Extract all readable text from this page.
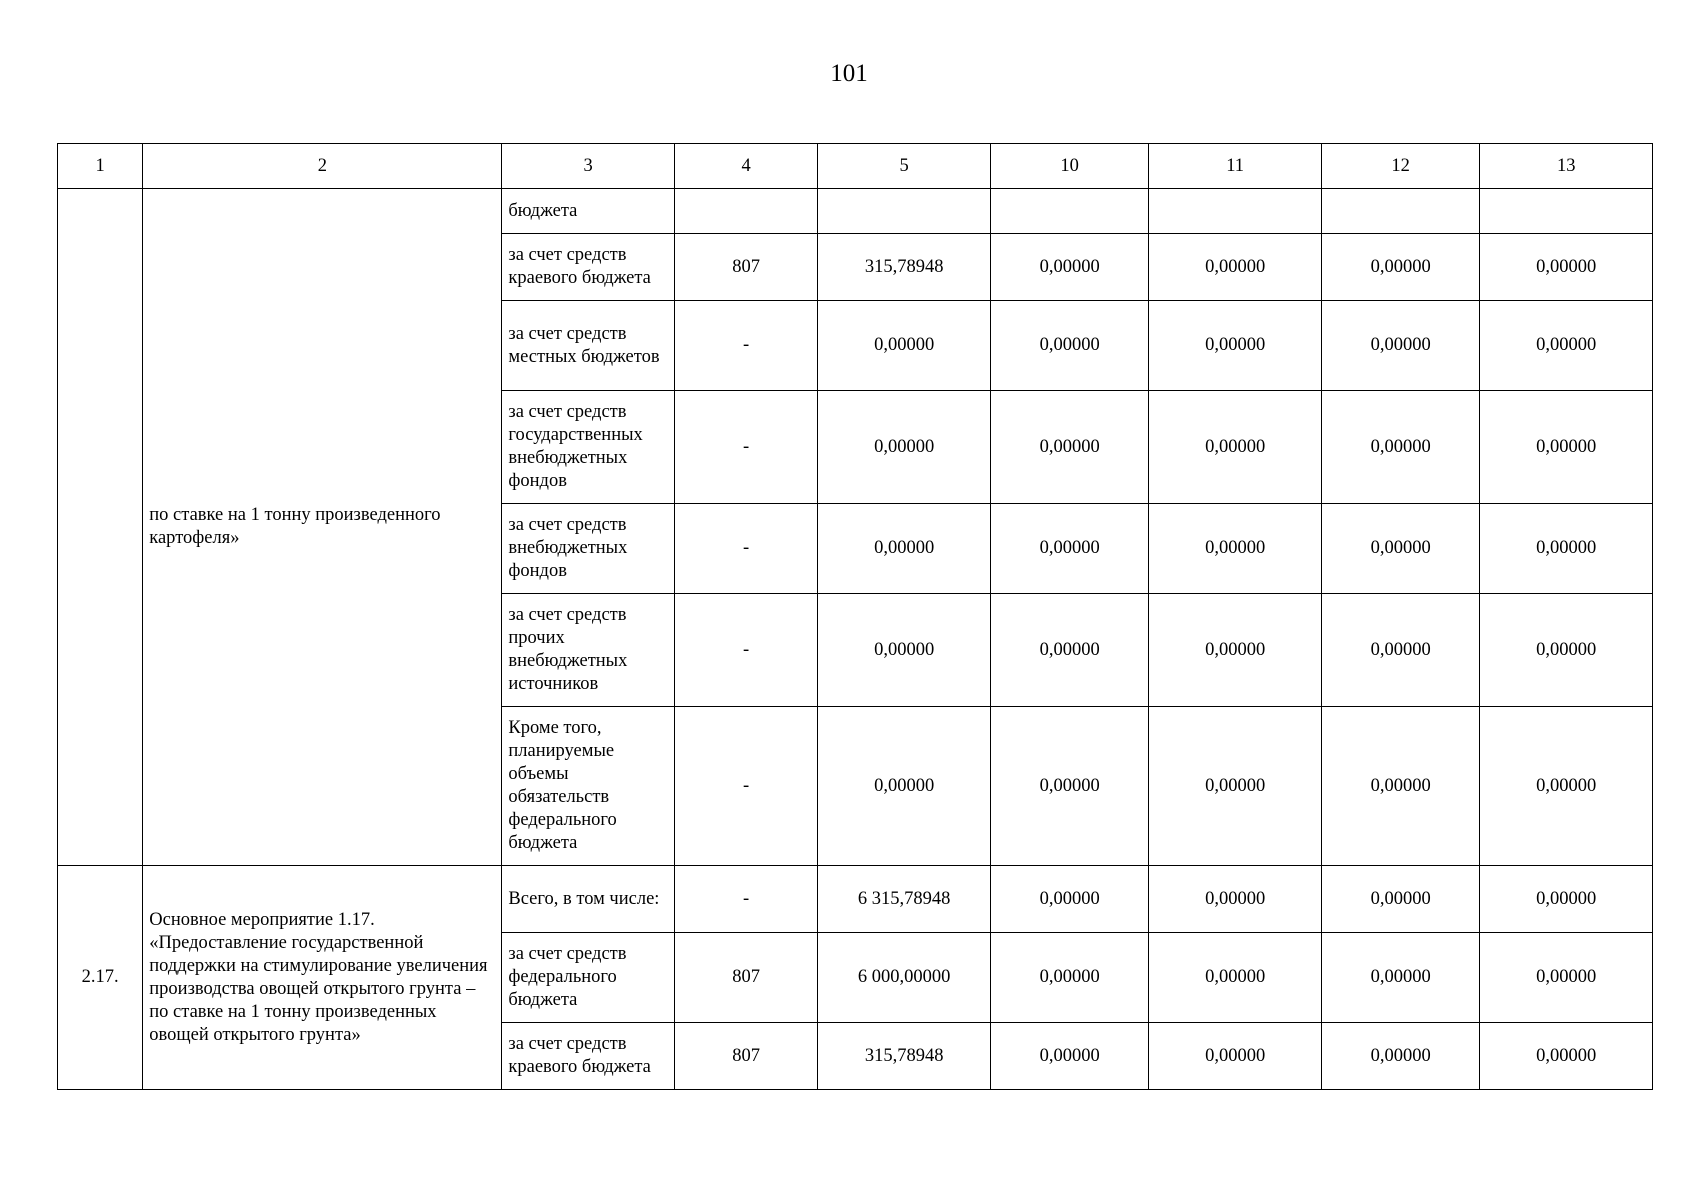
101
1	2	3	4	5	10	11	12	13
	по ставке на 1 тонну произведенного картофеля»	бюджета						
		за счет средств краевого бюджета	807	315,78948	0,00000	0,00000	0,00000	0,00000
		за счет средств местных бюджетов	-	0,00000	0,00000	0,00000	0,00000	0,00000
		за счет средств государственных внебюджетных фондов	-	0,00000	0,00000	0,00000	0,00000	0,00000
		за счет средств внебюджетных фондов	-	0,00000	0,00000	0,00000	0,00000	0,00000
		за счет средств прочих внебюджетных источников	-	0,00000	0,00000	0,00000	0,00000	0,00000
		Кроме того, планируемые объемы обязательств федерального бюджета	-	0,00000	0,00000	0,00000	0,00000	0,00000
2.17.	Основное мероприятие 1.17. «Предоставление государственной поддержки на стимулирование увеличения производства овощей открытого грунта – по ставке на 1 тонну произведенных овощей открытого грунта»	Всего, в том числе:	-	6 315,78948	0,00000	0,00000	0,00000	0,00000
		за счет средств федерального бюджета	807	6 000,00000	0,00000	0,00000	0,00000	0,00000
		за счет средств краевого бюджета	807	315,78948	0,00000	0,00000	0,00000	0,00000
